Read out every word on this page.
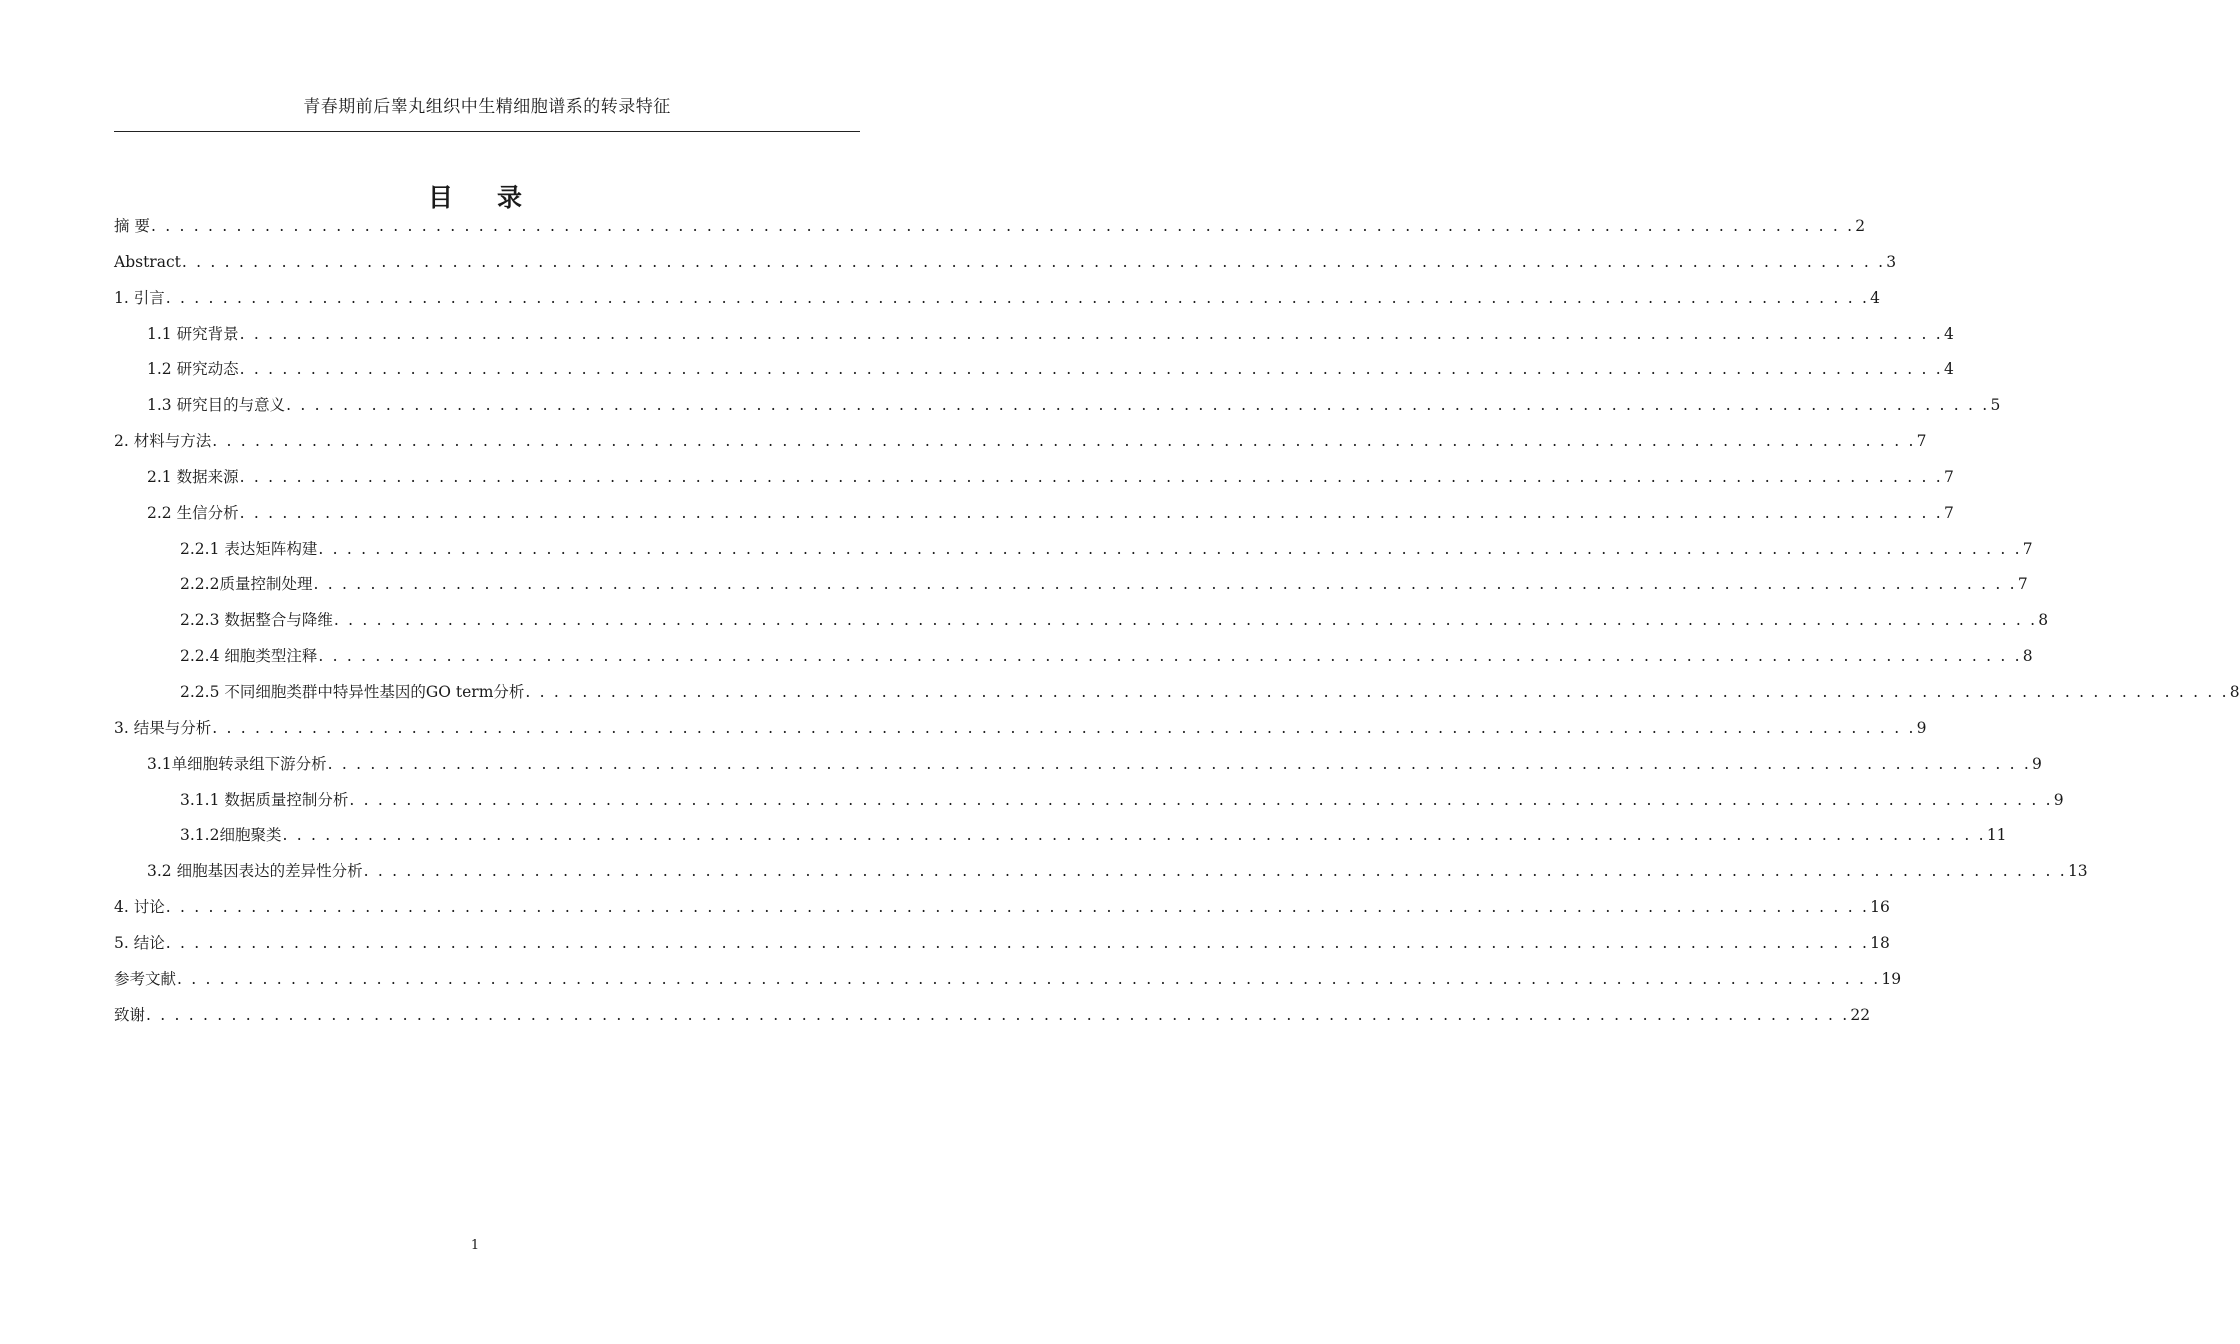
青春期前后睾丸组织中生精细胞谱系的转录特征
目录
摘 要 . . . . . . . . . . . . . . . . . . . . . . . . . . . . . . . . . . . . . . . . . . . . . . . . . . . . . . . . . . . . . . . . . . . . . . . . . . . . . . . . . . . . . . . . . . . . . . . . . . . . . . . . . . . . . . . . . . . . . . . . 2
Abstract . . . . . . . . . . . . . . . . . . . . . . . . . . . . . . . . . . . . . . . . . . . . . . . . . . . . . . . . . . . . . . . . . . . . . . . . . . . . . . . . . . . . . . . . . . . . . . . . . . . . . . . . . . . . . . . . . . . . . . . . 3
1. 引言 . . . . . . . . . . . . . . . . . . . . . . . . . . . . . . . . . . . . . . . . . . . . . . . . . . . . . . . . . . . . . . . . . . . . . . . . . . . . . . . . . . . . . . . . . . . . . . . . . . . . . . . . . . . . . . . . . . . . . . . . 4
1.1 研究背景 . . . . . . . . . . . . . . . . . . . . . . . . . . . . . . . . . . . . . . . . . . . . . . . . . . . . . . . . . . . . . . . . . . . . . . . . . . . . . . . . . . . . . . . . . . . . . . . . . . . . . . . . . . . . . . . . . . . . . . . . 4
1.2 研究动态 . . . . . . . . . . . . . . . . . . . . . . . . . . . . . . . . . . . . . . . . . . . . . . . . . . . . . . . . . . . . . . . . . . . . . . . . . . . . . . . . . . . . . . . . . . . . . . . . . . . . . . . . . . . . . . . . . . . . . . . . 4
1.3 研究目的与意义 . . . . . . . . . . . . . . . . . . . . . . . . . . . . . . . . . . . . . . . . . . . . . . . . . . . . . . . . . . . . . . . . . . . . . . . . . . . . . . . . . . . . . . . . . . . . . . . . . . . . . . . . . . . . . . . . . . . . . . . . 5
2. 材料与方法 . . . . . . . . . . . . . . . . . . . . . . . . . . . . . . . . . . . . . . . . . . . . . . . . . . . . . . . . . . . . . . . . . . . . . . . . . . . . . . . . . . . . . . . . . . . . . . . . . . . . . . . . . . . . . . . . . . . . . . . . 7
2.1 数据来源 . . . . . . . . . . . . . . . . . . . . . . . . . . . . . . . . . . . . . . . . . . . . . . . . . . . . . . . . . . . . . . . . . . . . . . . . . . . . . . . . . . . . . . . . . . . . . . . . . . . . . . . . . . . . . . . . . . . . . . . . 7
2.2 生信分析 . . . . . . . . . . . . . . . . . . . . . . . . . . . . . . . . . . . . . . . . . . . . . . . . . . . . . . . . . . . . . . . . . . . . . . . . . . . . . . . . . . . . . . . . . . . . . . . . . . . . . . . . . . . . . . . . . . . . . . . . 7
2.2.1 表达矩阵构建 . . . . . . . . . . . . . . . . . . . . . . . . . . . . . . . . . . . . . . . . . . . . . . . . . . . . . . . . . . . . . . . . . . . . . . . . . . . . . . . . . . . . . . . . . . . . . . . . . . . . . . . . . . . . . . . . . . . . . . . . 7
2.2.2质量控制处理 . . . . . . . . . . . . . . . . . . . . . . . . . . . . . . . . . . . . . . . . . . . . . . . . . . . . . . . . . . . . . . . . . . . . . . . . . . . . . . . . . . . . . . . . . . . . . . . . . . . . . . . . . . . . . . . . . . . . . . . . 7
2.2.3 数据整合与降维 . . . . . . . . . . . . . . . . . . . . . . . . . . . . . . . . . . . . . . . . . . . . . . . . . . . . . . . . . . . . . . . . . . . . . . . . . . . . . . . . . . . . . . . . . . . . . . . . . . . . . . . . . . . . . . . . . . . . . . . . 8
2.2.4 细胞类型注释 . . . . . . . . . . . . . . . . . . . . . . . . . . . . . . . . . . . . . . . . . . . . . . . . . . . . . . . . . . . . . . . . . . . . . . . . . . . . . . . . . . . . . . . . . . . . . . . . . . . . . . . . . . . . . . . . . . . . . . . . 8
2.2.5 不同细胞类群中特异性基因的GO term分析 . . . . . . . . . . . . . . . . . . . . . . . . . . . . . . . . . . . . . . . . . . . . . . . . . . . . . . . . . . . . . . . . . . . . . . . . . . . . . . . . . . . . . . . . . . . . . . . . . . . . . . . . . . . . . . . . . . . . . . . . 8
3. 结果与分析 . . . . . . . . . . . . . . . . . . . . . . . . . . . . . . . . . . . . . . . . . . . . . . . . . . . . . . . . . . . . . . . . . . . . . . . . . . . . . . . . . . . . . . . . . . . . . . . . . . . . . . . . . . . . . . . . . . . . . . . . 9
3.1单细胞转录组下游分析 . . . . . . . . . . . . . . . . . . . . . . . . . . . . . . . . . . . . . . . . . . . . . . . . . . . . . . . . . . . . . . . . . . . . . . . . . . . . . . . . . . . . . . . . . . . . . . . . . . . . . . . . . . . . . . . . . . . . . . . . 9
3.1.1 数据质量控制分析 . . . . . . . . . . . . . . . . . . . . . . . . . . . . . . . . . . . . . . . . . . . . . . . . . . . . . . . . . . . . . . . . . . . . . . . . . . . . . . . . . . . . . . . . . . . . . . . . . . . . . . . . . . . . . . . . . . . . . . . . 9
3.1.2细胞聚类 . . . . . . . . . . . . . . . . . . . . . . . . . . . . . . . . . . . . . . . . . . . . . . . . . . . . . . . . . . . . . . . . . . . . . . . . . . . . . . . . . . . . . . . . . . . . . . . . . . . . . . . . . . . . . . . . . . . . . . . . 11
3.2 细胞基因表达的差异性分析 . . . . . . . . . . . . . . . . . . . . . . . . . . . . . . . . . . . . . . . . . . . . . . . . . . . . . . . . . . . . . . . . . . . . . . . . . . . . . . . . . . . . . . . . . . . . . . . . . . . . . . . . . . . . . . . . . . . . . . . . 13
4. 讨论 . . . . . . . . . . . . . . . . . . . . . . . . . . . . . . . . . . . . . . . . . . . . . . . . . . . . . . . . . . . . . . . . . . . . . . . . . . . . . . . . . . . . . . . . . . . . . . . . . . . . . . . . . . . . . . . . . . . . . . . . 16
5. 结论 . . . . . . . . . . . . . . . . . . . . . . . . . . . . . . . . . . . . . . . . . . . . . . . . . . . . . . . . . . . . . . . . . . . . . . . . . . . . . . . . . . . . . . . . . . . . . . . . . . . . . . . . . . . . . . . . . . . . . . . . 18
参考文献 . . . . . . . . . . . . . . . . . . . . . . . . . . . . . . . . . . . . . . . . . . . . . . . . . . . . . . . . . . . . . . . . . . . . . . . . . . . . . . . . . . . . . . . . . . . . . . . . . . . . . . . . . . . . . . . . . . . . . . . . 19
致谢 . . . . . . . . . . . . . . . . . . . . . . . . . . . . . . . . . . . . . . . . . . . . . . . . . . . . . . . . . . . . . . . . . . . . . . . . . . . . . . . . . . . . . . . . . . . . . . . . . . . . . . . . . . . . . . . . . . . . . . . . 22
1
